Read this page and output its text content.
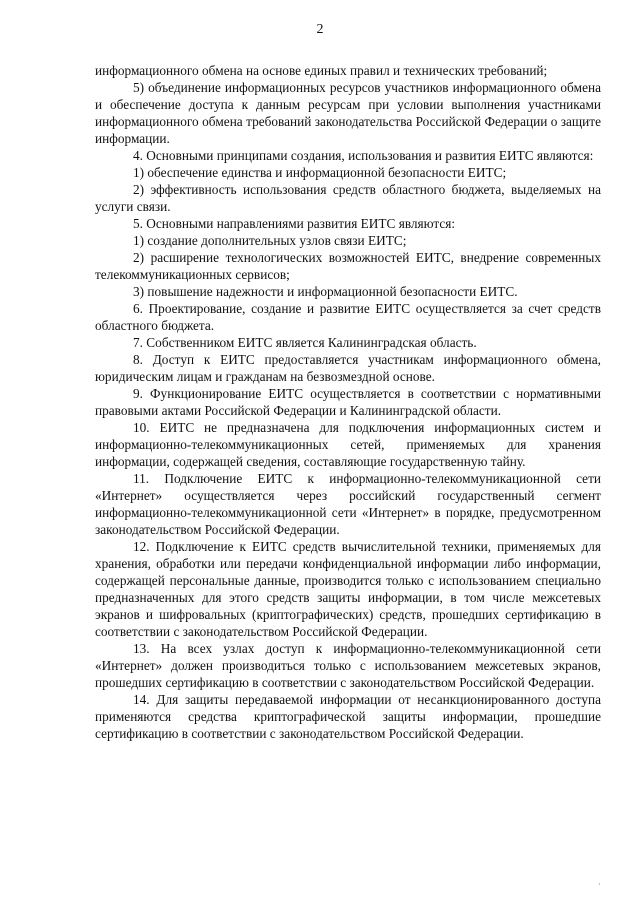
2

информационного обмена на основе единых правил и технических требований;

5) объединение информационных ресурсов участников информационного обмена и обеспечение доступа к данным ресурсам при условии выполнения участниками информационного обмена требований законодательства Российской Федерации о защите информации.

4. Основными принципами создания, использования и развития ЕИТС являются:

1) обеспечение единства и информационной безопасности ЕИТС;

2) эффективность использования средств областного бюджета, выделяемых на услуги связи.

5. Основными направлениями развития ЕИТС являются:

1) создание дополнительных узлов связи ЕИТС;

2) расширение технологических возможностей ЕИТС, внедрение современных телекоммуникационных сервисов;

3) повышение надежности и информационной безопасности ЕИТС.

6. Проектирование, создание и развитие ЕИТС осуществляется за счет средств областного бюджета.

7. Собственником ЕИТС является Калининградская область.

8. Доступ к ЕИТС предоставляется участникам информационного обмена, юридическим лицам и гражданам на безвозмездной основе.

9. Функционирование ЕИТС осуществляется в соответствии с нормативными правовыми актами Российской Федерации и Калининградской области.

10. ЕИТС не предназначена для подключения информационных систем и информационно-телекоммуникационных сетей, применяемых для хранения информации, содержащей сведения, составляющие государственную тайну.

11. Подключение ЕИТС к информационно-телекоммуникационной сети «Интернет» осуществляется через российский государственный сегмент информационно-телекоммуникационной сети «Интернет» в порядке, предусмотренном законодательством Российской Федерации.

12. Подключение к ЕИТС средств вычислительной техники, применяемых для хранения, обработки или передачи конфиденциальной информации либо информации, содержащей персональные данные, производится только с использованием специально предназначенных для этого средств защиты информации, в том числе межсетевых экранов и шифровальных (криптографических) средств, прошедших сертификацию в соответствии с законодательством Российской Федерации.

13. На всех узлах доступ к информационно-телекоммуникационной сети «Интернет» должен производиться только с использованием межсетевых экранов, прошедших сертификацию в соответствии с законодательством Российской Федерации.

14. Для защиты передаваемой информации от несанкционированного доступа применяются средства криптографической защиты информации, прошедшие сертификацию в соответствии с законодательством Российской Федерации.

·
